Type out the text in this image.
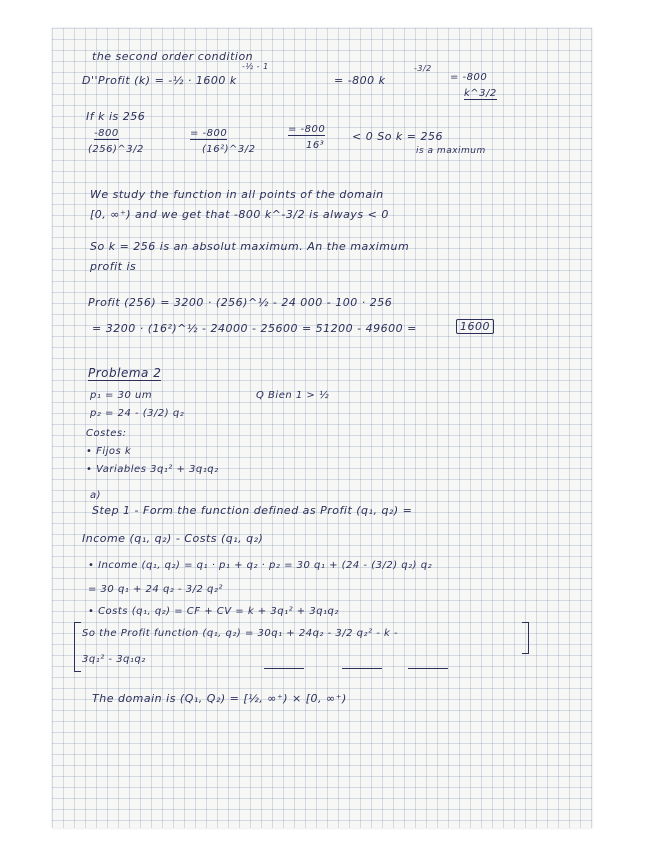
the second order condition
D''Profit (k) = -½ · 1600 k
-½ - 1
= -800 k
-3/2
= -800
k^3/2
If k is 256
-800
(256)^3/2
= -800
(16²)^3/2
= -800
16³
< 0 So k = 256
is a maximum
We study the function in all points of the domain
[0, ∞⁺) and we get that -800 k^-3/2 is always < 0
So k = 256 is an absolut maximum. An the maximum
profit is
Profit (256) = 3200 · (256)^½ - 24 000 - 100 · 256
= 3200 · (16²)^½ - 24000 - 25600 = 51200 - 49600 =	1600
Problema 2
p₁ = 30 um	Q Bien 1 > ½
p₂ = 24 - (3/2) q₂
Costes:
• Fijos k
• Variables 3q₁² + 3q₁q₂
a)
Step 1 - Form the function defined as Profit (q₁, q₂) =
Income (q₁, q₂) - Costs (q₁, q₂)
• Income (q₁, q₂) = q₁ · p₁ + q₂ · p₂ = 30 q₁ + (24 - (3/2) q₂) q₂
= 30 q₁ + 24 q₂ - 3/2 q₂²
• Costs (q₁, q₂) = CF + CV = k + 3q₁² + 3q₁q₂
So the Profit function (q₁, q₂) = 30q₁ + 24q₂ - 3/2 q₂² - k -
3q₁² - 3q₁q₂
The domain is (Q₁, Q₂) = [½, ∞⁺) × [0, ∞⁺)
